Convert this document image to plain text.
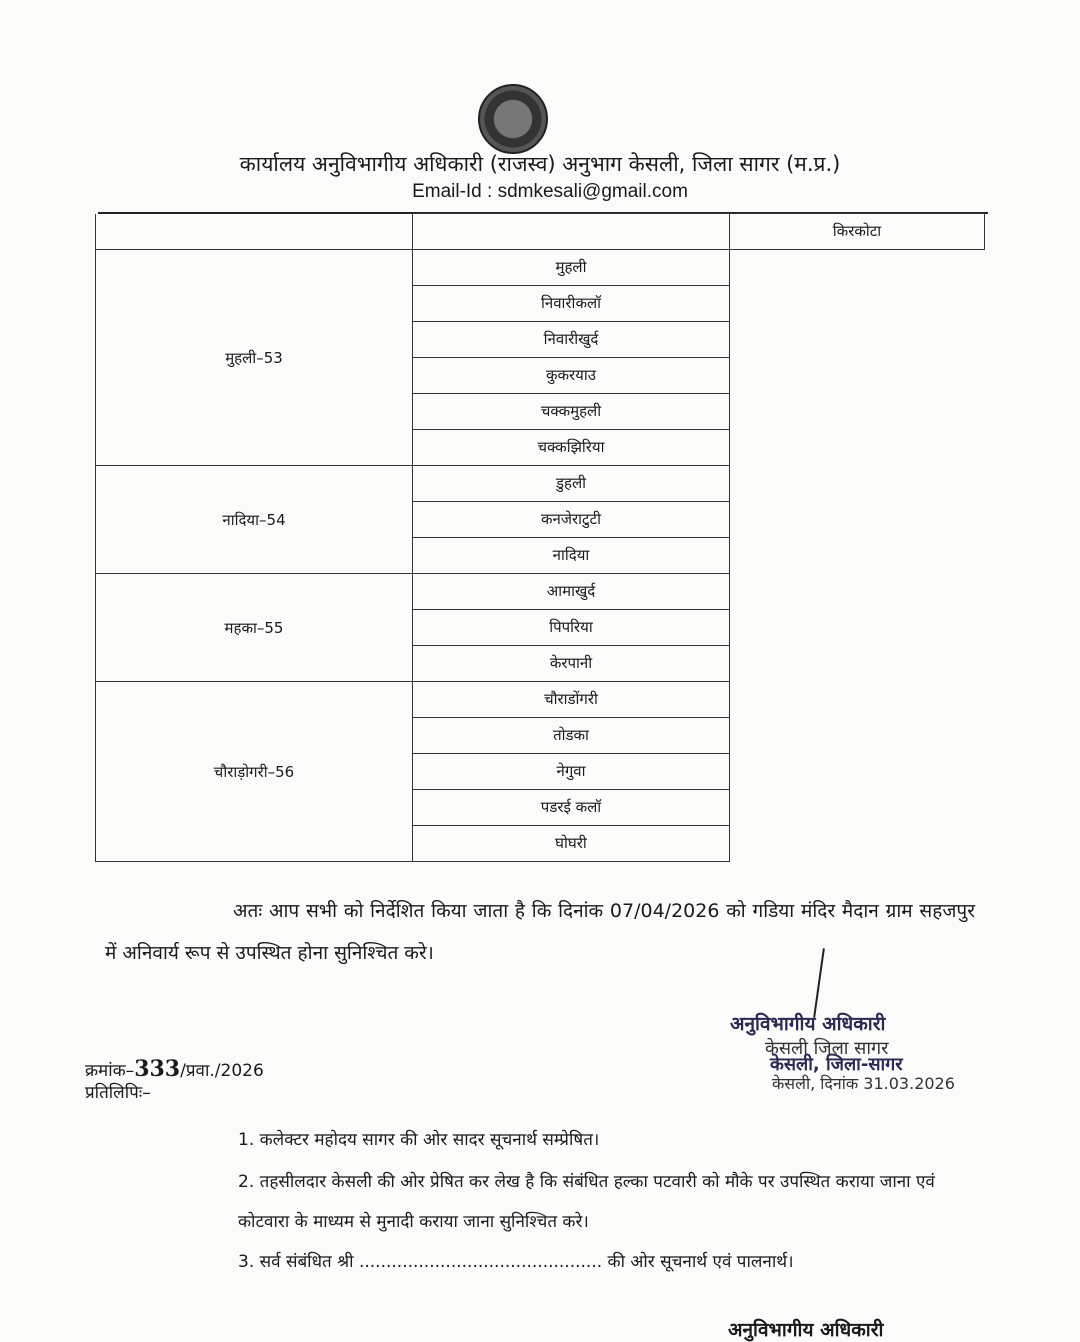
कार्यालय अनुविभागीय अधिकारी (राजस्व) अनुभाग केसली, जिला सागर (म.प्र.)
Email-Id : sdmkesali@gmail.com

		किरकोटा

मुहली–53	मुहली	

	निवारीकलॉ	

	निवारीखुर्द	

	कुकरयाउ	

	चक्कमुहली	

	चक्कझिरिया	

नादिया–54	डुहली	

	कनजेराटुटी	

	नादिया	

महका–55	आमाखुर्द	

	पिपरिया	

	केरपानी	

चौराड़ोगरी–56	चौराडोंगरी	

	तोडका	

	नेगुवा	

	पडरई कलॉ	

	घोघरी	
अतः आप सभी को निर्देशित किया जाता है कि दिनांक 07/04/2026 को गडिया मंदिर मैदान ग्राम सहजपुर में अनिवार्य रूप से उपस्थित होना सुनिश्चित करे।
अनुविभागीय अधिकारी
केसली जिला सागर
केसली, जिला-सागर
केसली, दिनांक 31.03.2026
क्रमांक–333/प्रवा./2026
प्रतिलिपिः–
1. कलेक्टर महोदय सागर की ओर सादर सूचनार्थ सम्प्रेषित।
2. तहसीलदार केसली की ओर प्रेषित कर लेख है कि संबंधित हल्का पटवारी को मौके पर उपस्थित कराया जाना एवं कोटवारा के माध्यम से मुनादी कराया जाना सुनिश्चित करे।
3. सर्व संबंधित श्री ............................................. की ओर सूचनार्थ एवं पालनार्थ।
अनुविभागीय अधिकारी
